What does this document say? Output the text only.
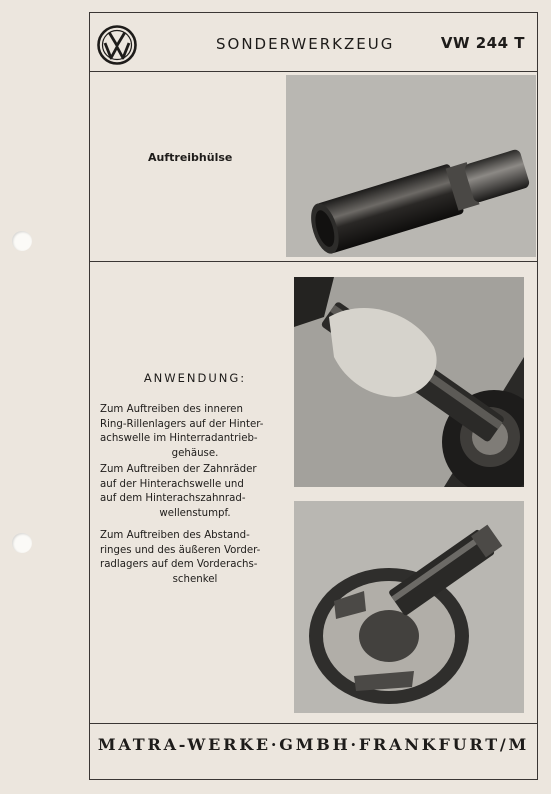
SONDERWERKZEUG	VW 244 T
Auftreibhülse
ANWENDUNG:
Zum Auftreiben des inneren
Ring-Rillenlagers auf der Hinter-
achswelle im Hinterradantrieb-
gehäuse.
Zum Auftreiben der Zahnräder
auf der Hinterachswelle und
auf dem Hinterachszahnrad-
wellenstumpf.
Zum Auftreiben des Abstand-
ringes und des äußeren Vorder-
radlagers auf dem Vorderachs-
schenkel
MATRA-WERKE·GMBH·FRANKFURT/M
